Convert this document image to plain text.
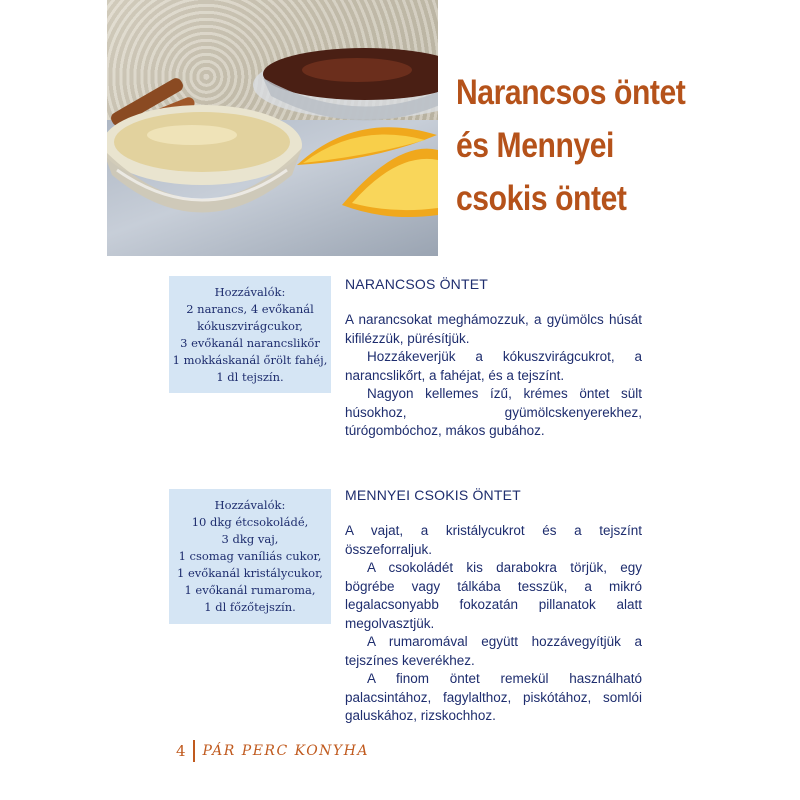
Narancsos öntet
és Mennyei
csokis öntet
Hozzávalók:
2 narancs, 4 evőkanál
kókuszvirágcukor,
3 evőkanál narancslikőr
1 mokkáskanál őrölt fahéj,
1 dl tejszín.
NARANCSOS ÖNTET

A narancsokat meghámozzuk, a gyümölcs húsát kifilézzük, pürésítjük.

Hozzákeverjük a kókuszvirágcukrot, a narancslikőrt, a fahéjat, és a tejszínt.

Nagyon kellemes ízű, krémes öntet sült húsokhoz, gyümölcskenyerekhez, túrógombóchoz, mákos gubához.

Hozzávalók:
10 dkg étcsokoládé,
3 dkg vaj,
1 csomag vaníliás cukor,
1 evőkanál kristálycukor,
1 evőkanál rumaroma,
1 dl főzőtejszín.
MENNYEI CSOKIS ÖNTET

A vajat, a kristálycukrot és a tejszínt összeforraljuk.

A csokoládét kis darabokra törjük, egy bögrébe vagy tálkába tesszük, a mikró legalacsonyabb fokozatán pillanatok alatt megolvasztjük.

A rumaromával együtt hozzávegyítjük a tejszínes keverékhez.

A finom öntet remekül használható palacsintához, fagylalthoz, piskótához, somlói galuskához, rizskochhoz.

4 PÁR PERC KONYHA
